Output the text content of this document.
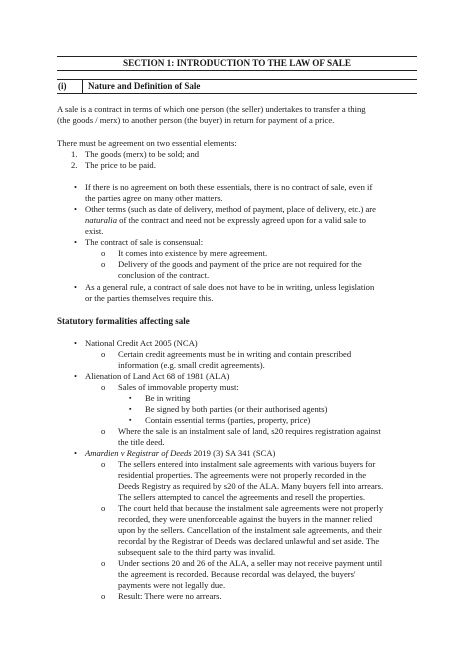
SECTION 1: INTRODUCTION TO THE LAW OF SALE
(i) Nature and Definition of Sale
A sale is a contract in terms of which one person (the seller) undertakes to transfer a thing
(the goods / merx) to another person (the buyer) in return for payment of a price.
There must be agreement on two essential elements:
1. The goods (merx) to be sold; and
2. The price to be paid.
• If there is no agreement on both these essentials, there is no contract of sale, even if
the parties agree on many other matters.
• Other terms (such as date of delivery, method of payment, place of delivery, etc.) are
naturalia of the contract and need not be expressly agreed upon for a valid sale to
exist.
• The contract of sale is consensual:
o It comes into existence by mere agreement.
o Delivery of the goods and payment of the price are not required for the
conclusion of the contract.
• As a general rule, a contract of sale does not have to be in writing, unless legislation
or the parties themselves require this.
Statutory formalities affecting sale
• National Credit Act 2005 (NCA)
o Certain credit agreements must be in writing and contain prescribed
information (e.g. small credit agreements).
• Alienation of Land Act 68 of 1981 (ALA)
o Sales of immovable property must:
▪ Be in writing
▪ Be signed by both parties (or their authorised agents)
▪ Contain essential terms (parties, property, price)
o Where the sale is an instalment sale of land, s20 requires registration against
the title deed.
• Amardien v Registrar of Deeds 2019 (3) SA 341 (SCA)
o The sellers entered into instalment sale agreements with various buyers for
residential properties. The agreements were not properly recorded in the
Deeds Registry as required by s20 of the ALA. Many buyers fell into arrears.
The sellers attempted to cancel the agreements and resell the properties.
o The court held that because the instalment sale agreements were not properly
recorded, they were unenforceable against the buyers in the manner relied
upon by the sellers. Cancellation of the instalment sale agreements, and their
recordal by the Registrar of Deeds was declared unlawful and set aside. The
subsequent sale to the third party was invalid.
o Under sections 20 and 26 of the ALA, a seller may not receive payment until
the agreement is recorded. Because recordal was delayed, the buyers'
payments were not legally due.
o Result: There were no arrears.
